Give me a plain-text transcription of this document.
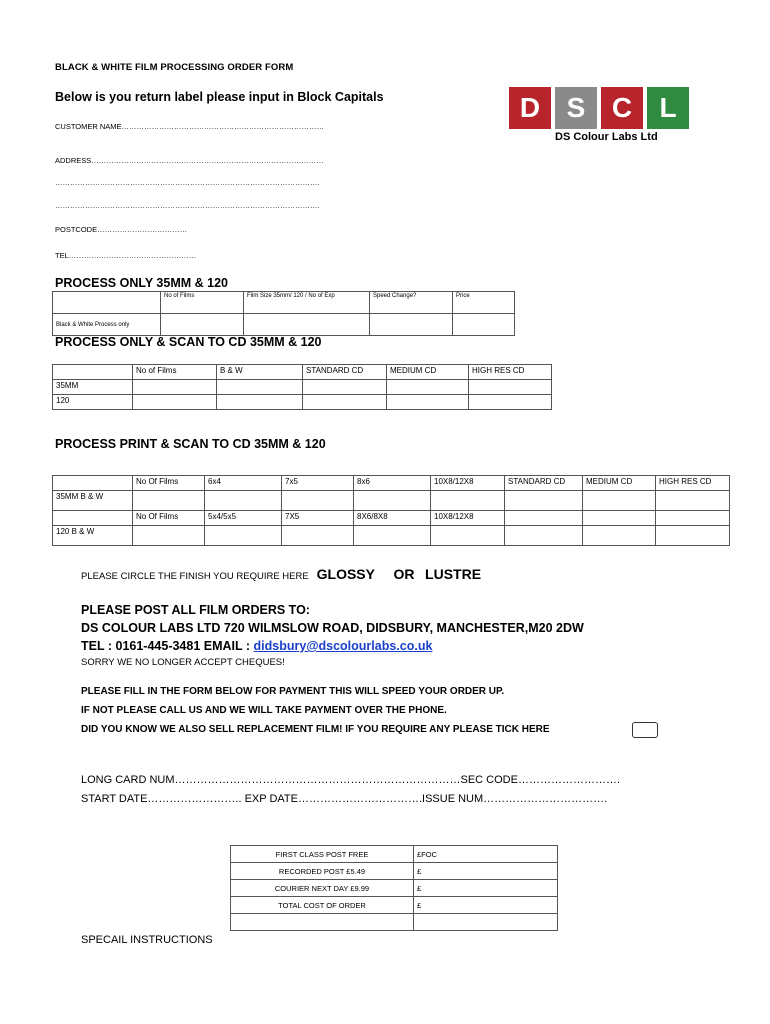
BLACK & WHITE FILM PROCESSING ORDER FORM
Below is you return label please input in Block Capitals	D S C L
DS Colour Labs Ltd
CUSTOMER NAME………………………………………………………………………
ADDRESS…………………………………………………………………………………
…………………………………………………………………………………………….
…………………………………………………………………………………………….
POSTCODE………………………………
TEL……………………………………………
PROCESS ONLY 35MM & 120
	No of Films	Film Size 35mm/ 120 / No of Exp	Speed Change?	Price
Black & White Process only				
PROCESS ONLY & SCAN TO CD 35MM & 120
	No of Films	B & W	STANDARD CD	MEDIUM CD	HIGH RES CD
35MM					
120					
PROCESS PRINT & SCAN TO CD 35MM & 120
	No Of Films	6x4	7x5	8x6	10X8/12X8	STANDARD CD	MEDIUM CD	HIGH RES CD
35MM B & W								
	No Of Films	5x4/5x5	7X5	8X6/8X8	10X8/12X8			
120 B & W								
PLEASE CIRCLE THE FINISH YOU REQUIRE HERE GLOSSY OR LUSTRE
PLEASE POST ALL FILM ORDERS TO:
DS COLOUR LABS LTD 720 WILMSLOW ROAD, DIDSBURY, MANCHESTER,M20 2DW
TEL : 0161-445-3481 EMAIL : didsbury@dscolourlabs.co.uk
SORRY WE NO LONGER ACCEPT CHEQUES!
PLEASE FILL IN THE FORM BELOW FOR PAYMENT THIS WILL SPEED YOUR ORDER UP.
IF NOT PLEASE CALL US AND WE WILL TAKE PAYMENT OVER THE PHONE.
DID YOU KNOW WE ALSO SELL REPLACEMENT FILM! IF YOU REQUIRE ANY PLEASE TICK HERE
LONG CARD NUM……………………………………………………………………SEC CODE……………………….
START DATE…………………….. EXP DATE…………………………….ISSUE NUM…………………………….
FIRST CLASS POST FREE	£FOC
RECORDED POST £5.49	£
COURIER NEXT DAY £9.99	£
TOTAL COST OF ORDER	£

SPECAIL INSTRUCTIONS
